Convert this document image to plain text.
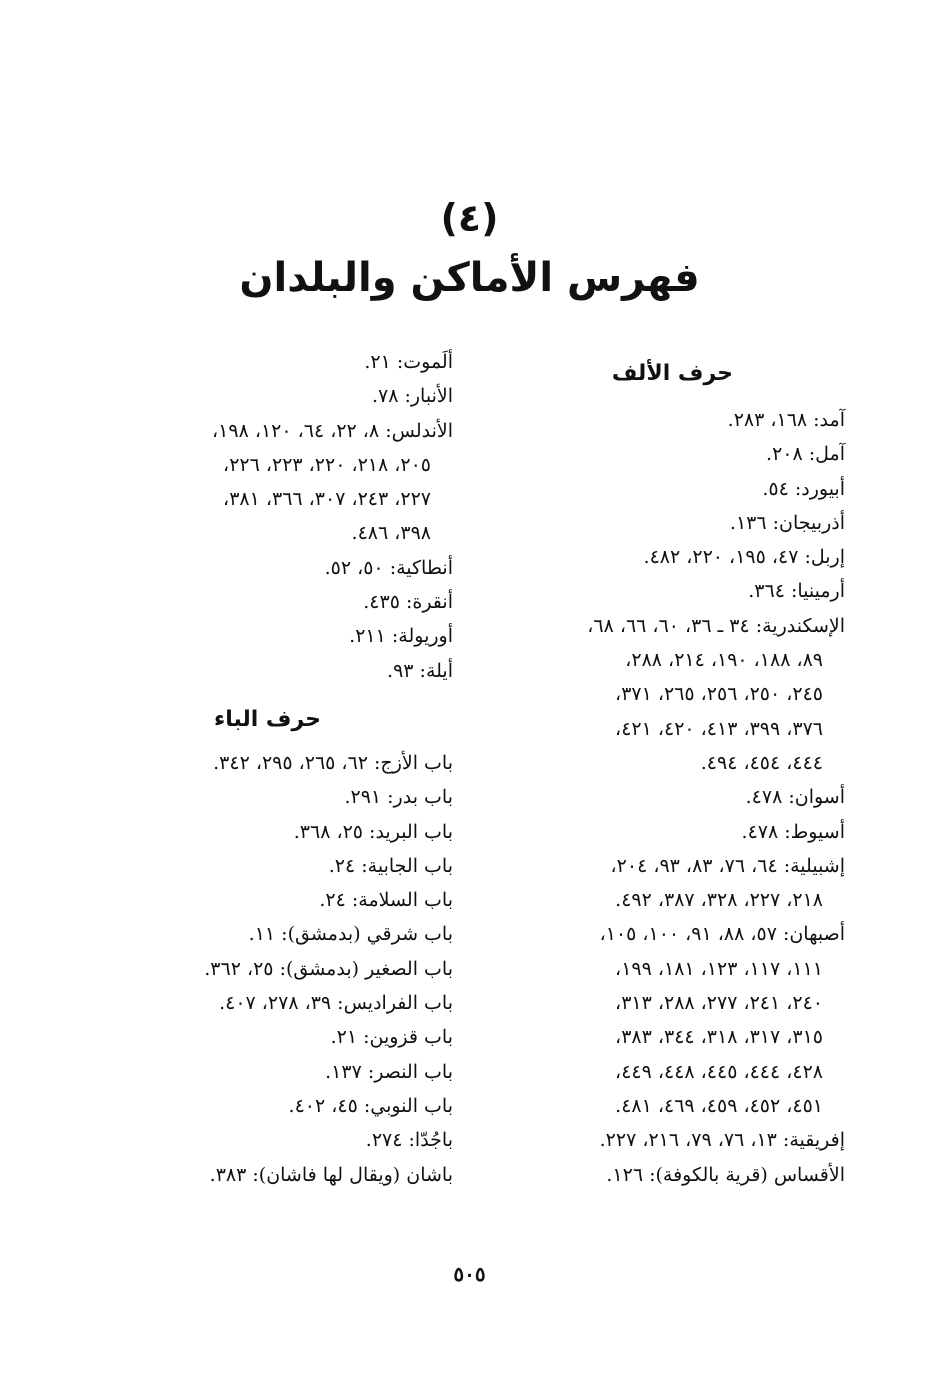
(٤)
فهرس الأماكن والبلدان
حرف الألف
آمد: ١٦٨، ٢٨٣.
آمل: ٢٠٨.
أبيورد: ٥٤.
أذربيجان: ١٣٦.
إربل: ٤٧، ١٩٥، ٢٢٠، ٤٨٢.
أرمينيا: ٣٦٤.
الإسكندرية: ٣٤ ـ ٣٦، ٦٠، ٦٦، ٦٨،
٨٩، ١٨٨، ١٩٠، ٢١٤، ٢٨٨،
٢٤٥، ٢٥٠، ٢٥٦، ٢٦٥، ٣٧١،
٣٧٦، ٣٩٩، ٤١٣، ٤٢٠، ٤٢١،
٤٤٤، ٤٥٤، ٤٩٤.
أسوان: ٤٧٨.
أسيوط: ٤٧٨.
إشبيلية: ٦٤، ٧٦، ٨٣، ٩٣، ٢٠٤،
٢١٨، ٢٢٧، ٣٢٨، ٣٨٧، ٤٩٢.
أصبهان: ٥٧، ٨٨، ٩١، ١٠٠، ١٠٥،
١١١، ١١٧، ١٢٣، ١٨١، ١٩٩،
٢٤٠، ٢٤١، ٢٧٧، ٢٨٨، ٣١٣،
٣١٥، ٣١٧، ٣١٨، ٣٤٤، ٣٨٣،
٤٢٨، ٤٤٤، ٤٤٥، ٤٤٨، ٤٤٩،
٤٥١، ٤٥٢، ٤٥٩، ٤٦٩، ٤٨١.
إفريقية: ١٣، ٧٦، ٧٩، ٢١٦، ٢٢٧.
الأقساس (قرية بالكوفة): ١٢٦.
ألَموت: ٢١.
الأنبار: ٧٨.
الأندلس: ٨، ٢٢، ٦٤، ١٢٠، ١٩٨،
٢٠٥، ٢١٨، ٢٢٠، ٢٢٣، ٢٢٦،
٢٢٧، ٢٤٣، ٣٠٧، ٣٦٦، ٣٨١،
٣٩٨، ٤٨٦.
أنطاكية: ٥٠، ٥٢.
أنقرة: ٤٣٥.
أوريولة: ٢١١.
أيلة: ٩٣.
حرف الباء
باب الأزج: ٦٢، ٢٦٥، ٢٩٥، ٣٤٢.
باب بدر: ٢٩١.
باب البريد: ٢٥، ٣٦٨.
باب الجابية: ٢٤.
باب السلامة: ٢٤.
باب شرقي (بدمشق): ١١.
باب الصغير (بدمشق): ٢٥، ٣٦٢.
باب الفراديس: ٣٩، ٢٧٨، ٤٠٧.
باب قزوين: ٢١.
باب النصر: ١٣٧.
باب النوبي: ٤٥، ٤٠٢.
باجُدّا: ٢٧٤.
باشان (ويقال لها فاشان): ٣٨٣.
٥٠٥
